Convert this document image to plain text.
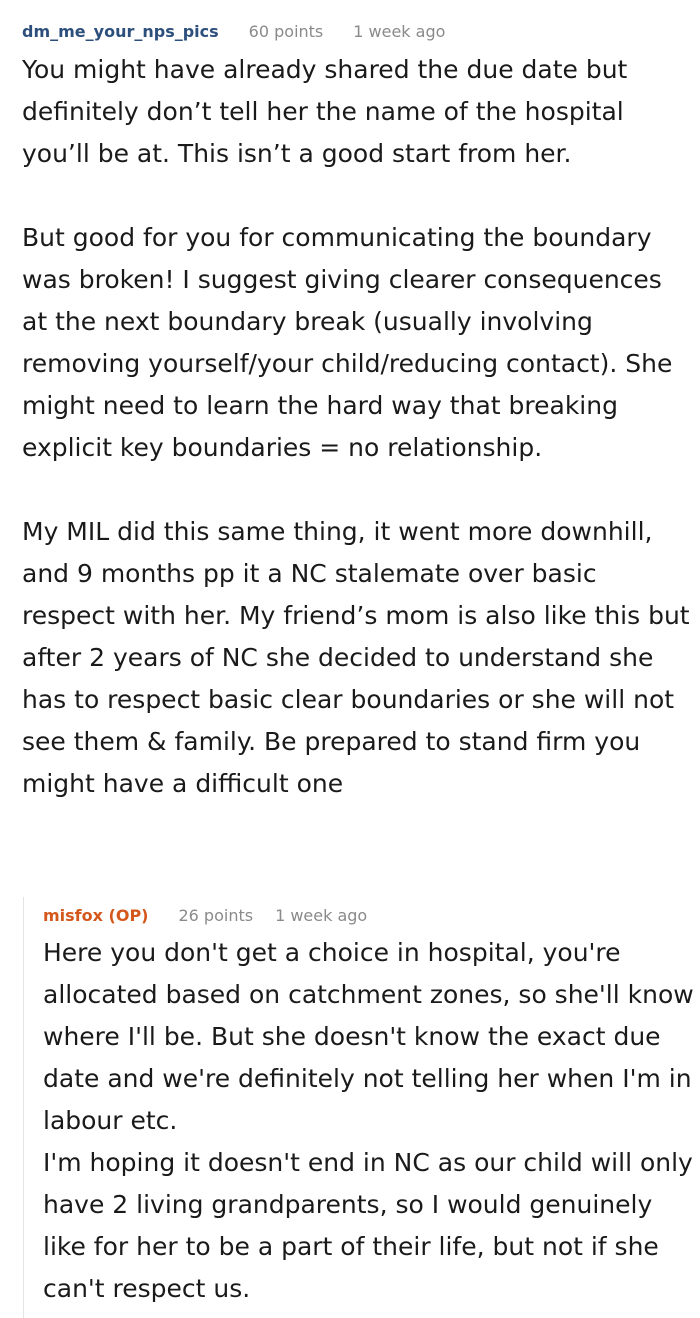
dm_me_your_nps_pics 60 points 1 week ago

You might have already shared the due date but definitely don’t tell her the name of the hospital you’ll be at. This isn’t a good start from her.

But good for you for communicating the boundary was broken! I suggest giving clearer consequences at the next boundary break (usually involving removing yourself/your child/reducing contact). She might need to learn the hard way that breaking explicit key boundaries = no relationship.

My MIL did this same thing, it went more downhill, and 9 months pp it a NC stalemate over basic respect with her. My friend’s mom is also like this but after 2 years of NC she decided to understand she has to respect basic clear boundaries or she will not see them & family. Be prepared to stand firm you might have a difficult one

misfox (OP) 26 points 1 week ago

Here you don't get a choice in hospital, you're allocated based on catchment zones, so she'll know where I'll be. But she doesn't know the exact due date and we're definitely not telling her when I'm in labour etc.

I'm hoping it doesn't end in NC as our child will only have 2 living grandparents, so I would genuinely like for her to be a part of their life, but not if she can't respect us.
